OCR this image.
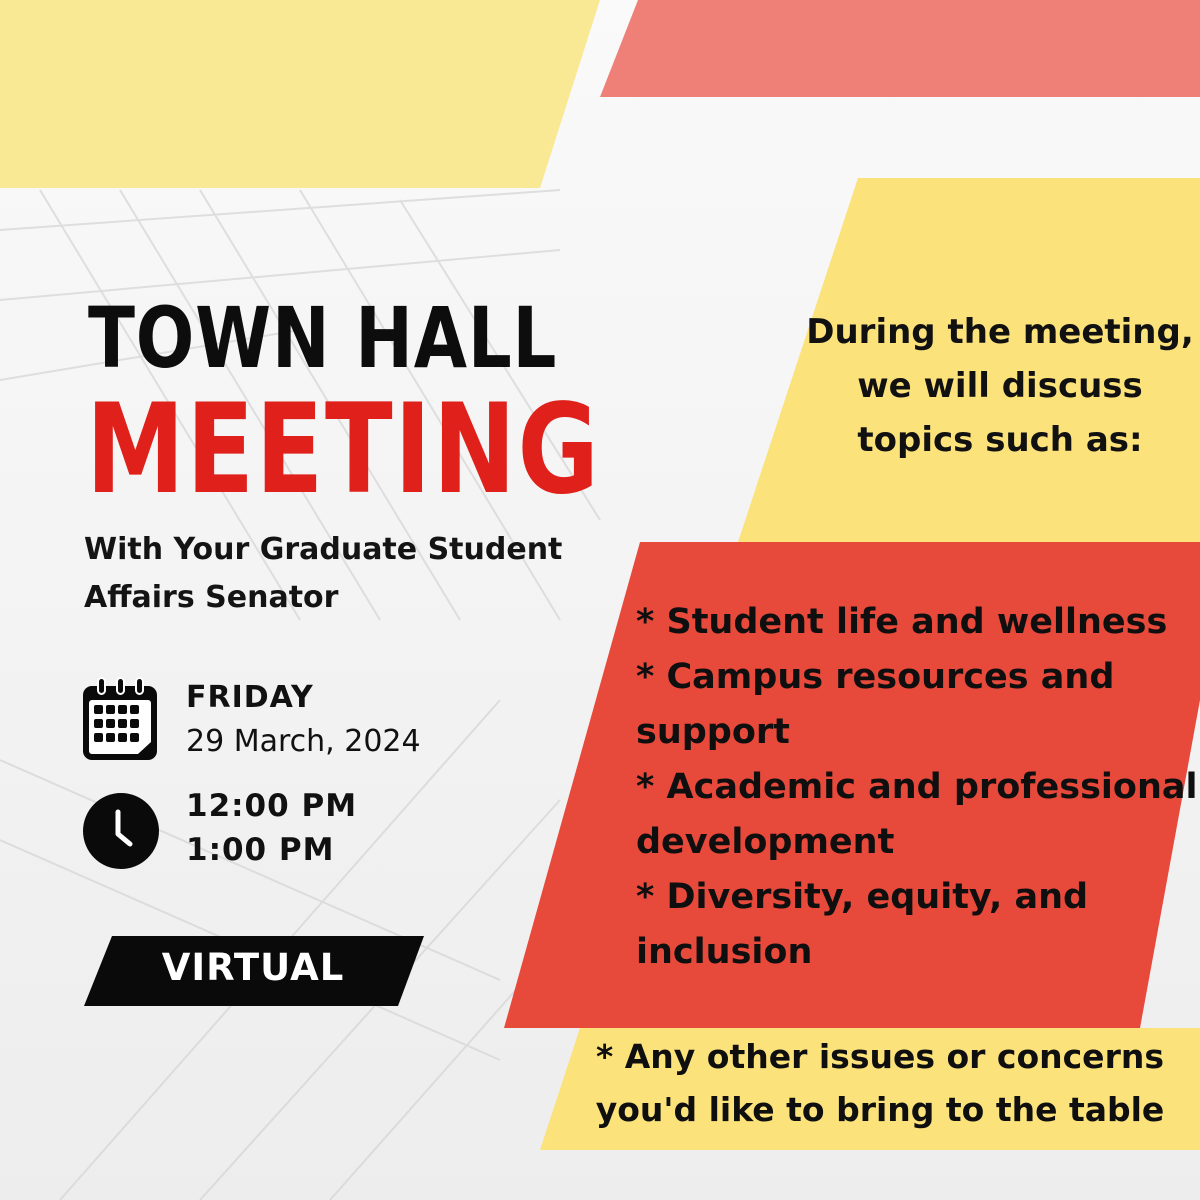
TOWN HALL
MEETING
With Your Graduate Student Affairs Senator
FRIDAY
29 March, 2024
12:00 PM
1:00 PM
VIRTUAL
During the meeting, we will discuss topics such as:
* Student life and wellness
* Campus resources and support
* Academic and professional development
* Diversity, equity, and inclusion
* Any other issues or concerns you'd like to bring to the table
